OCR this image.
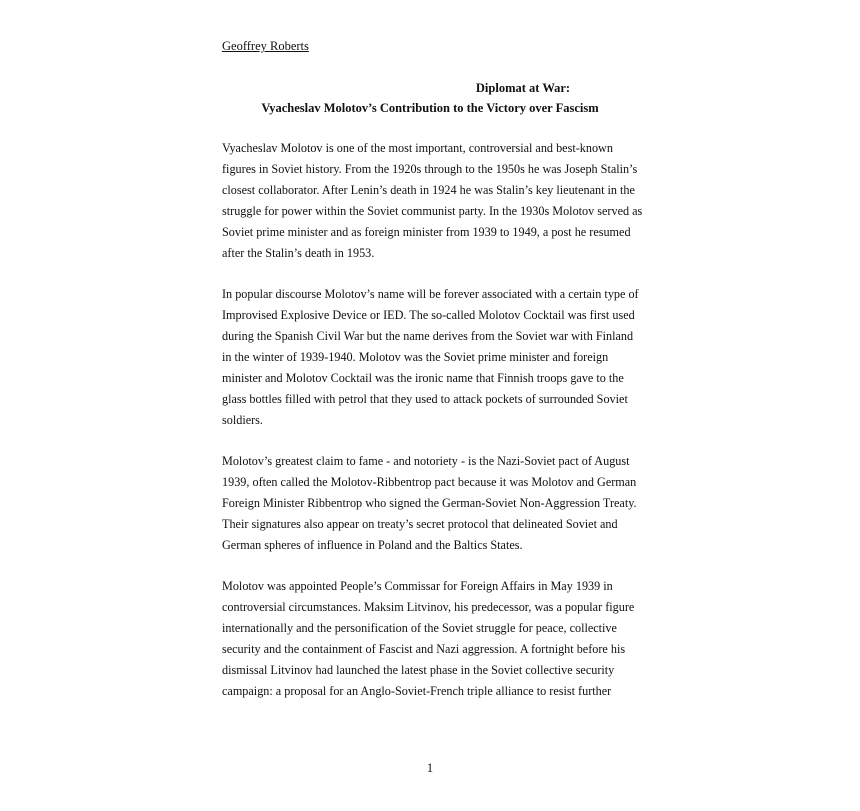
Geoffrey Roberts
Diplomat at War:
Vyacheslav Molotov’s Contribution to the Victory over Fascism

Vyacheslav Molotov is one of the most important, controversial and best-known
figures in Soviet history. From the 1920s through to the 1950s he was Joseph Stalin’s
closest collaborator. After Lenin’s death in 1924 he was Stalin’s key lieutenant in the
struggle for power within the Soviet communist party. In the 1930s Molotov served as
Soviet prime minister and as foreign minister from 1939 to 1949, a post he resumed
after the Stalin’s death in 1953.

In popular discourse Molotov’s name will be forever associated with a certain type of
Improvised Explosive Device or IED. The so-called Molotov Cocktail was first used
during the Spanish Civil War but the name derives from the Soviet war with Finland
in the winter of 1939-1940. Molotov was the Soviet prime minister and foreign
minister and Molotov Cocktail was the ironic name that Finnish troops gave to the
glass bottles filled with petrol that they used to attack pockets of surrounded Soviet
soldiers.

Molotov’s greatest claim to fame - and notoriety - is the Nazi-Soviet pact of August
1939, often called the Molotov-Ribbentrop pact because it was Molotov and German
Foreign Minister Ribbentrop who signed the German-Soviet Non-Aggression Treaty.
Their signatures also appear on treaty’s secret protocol that delineated Soviet and
German spheres of influence in Poland and the Baltics States.

Molotov was appointed People’s Commissar for Foreign Affairs in May 1939 in
controversial circumstances. Maksim Litvinov, his predecessor, was a popular figure
internationally and the personification of the Soviet struggle for peace, collective
security and the containment of Fascist and Nazi aggression. A fortnight before his
dismissal Litvinov had launched the latest phase in the Soviet collective security
campaign: a proposal for an Anglo-Soviet-French triple alliance to resist further

1
